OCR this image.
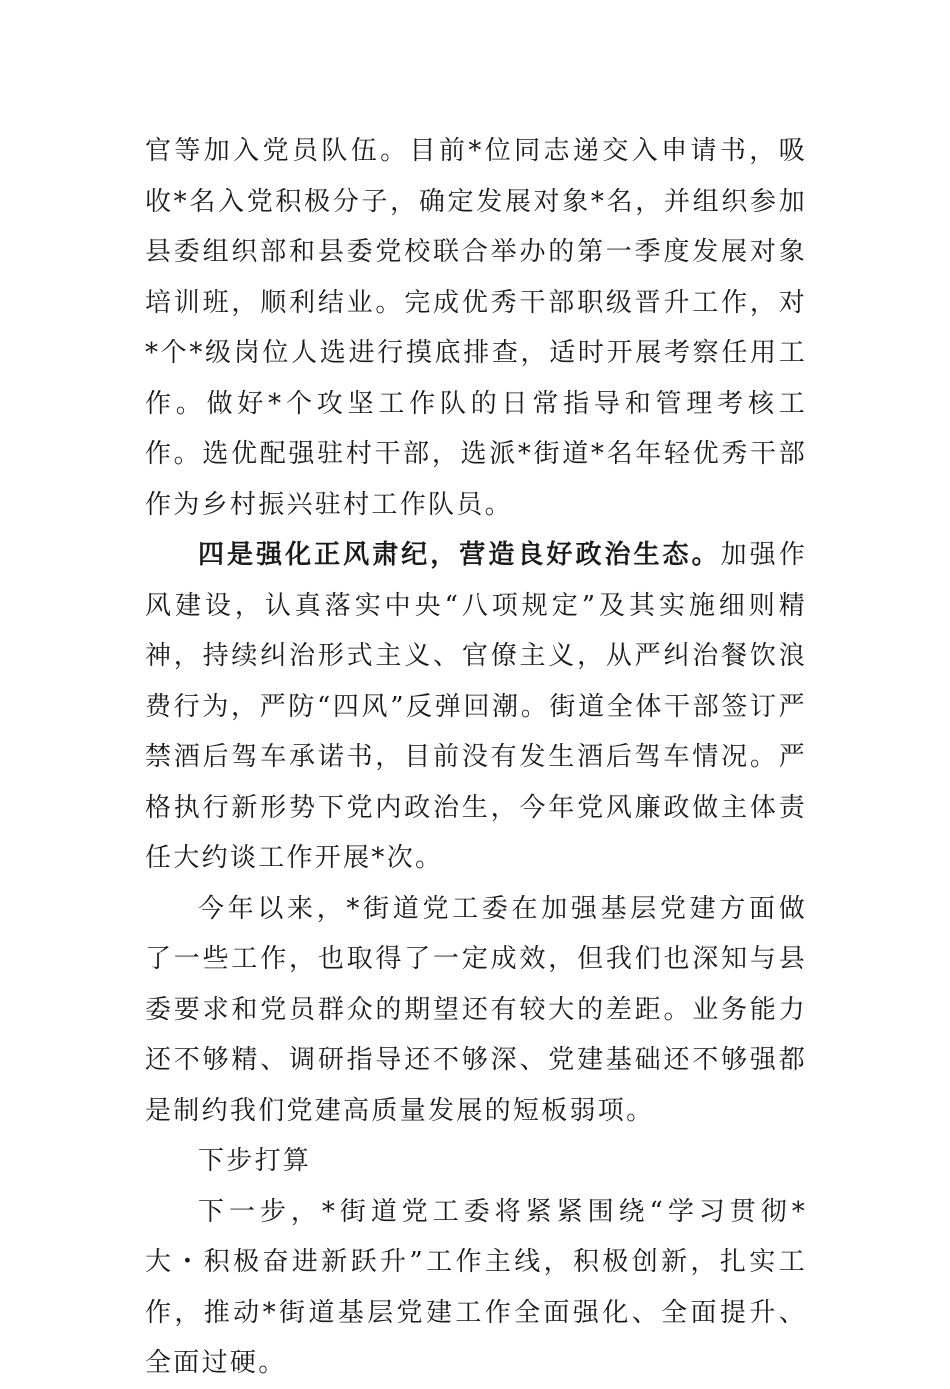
官等加入党员队伍。目前*位同志递交入申请书，吸收*名入党积极分子，确定发展对象*名，并组织参加县委组织部和县委党校联合举办的第一季度发展对象培训班，顺利结业。完成优秀干部职级晋升工作，对*个*级岗位人选进行摸底排查，适时开展考察任用工作。做好*个攻坚工作队的日常指导和管理考核工作。选优配强驻村干部，选派*街道*名年轻优秀干部作为乡村振兴驻村工作队员。

四是强化正风肃纪，营造良好政治生态。加强作风建设，认真落实中央“八项规定”及其实施细则精神，持续纠治形式主义、官僚主义，从严纠治餐饮浪费行为，严防“四风”反弹回潮。街道全体干部签订严禁酒后驾车承诺书，目前没有发生酒后驾车情况。严格执行新形势下党内政治生，今年党风廉政做主体责任大约谈工作开展*次。

今年以来，*街道党工委在加强基层党建方面做了一些工作，也取得了一定成效，但我们也深知与县委要求和党员群众的期望还有较大的差距。业务能力还不够精、调研指导还不够深、党建基础还不够强都是制约我们党建高质量发展的短板弱项。

下步打算

下一步，*街道党工委将紧紧围绕“学习贯彻*大・积极奋进新跃升”工作主线，积极创新，扎实工作，推动*街道基层党建工作全面强化、全面提升、全面过硬。
